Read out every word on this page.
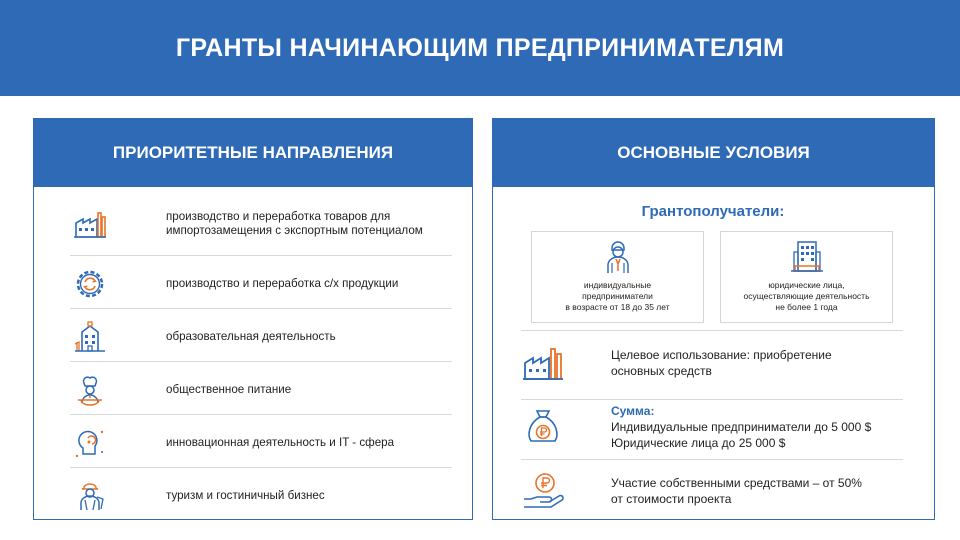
ГРАНТЫ НАЧИНАЮЩИМ ПРЕДПРИНИМАТЕЛЯМ
ПРИОРИТЕТНЫЕ НАПРАВЛЕНИЯ
производство и переработка товаров для
импортозамещения с экспортным потенциалом
производство и переработка с/х продукции
образовательная деятельность
общественное питание
инновационная деятельность и IT - сфера
туризм и гостиничный бизнес
ОСНОВНЫЕ УСЛОВИЯ
Грантополучатели:
индивидуальные
предприниматели
в возрасте от 18 до 35 лет
юридические лица,
осуществляющие деятельность
не более 1 года
Целевое использование: приобретение
основных средств
Сумма:
Индивидуальные предприниматели до 5 000 $
Юридические лица до 25 000 $
Участие собственными средствами – от 50%
от стоимости проекта
